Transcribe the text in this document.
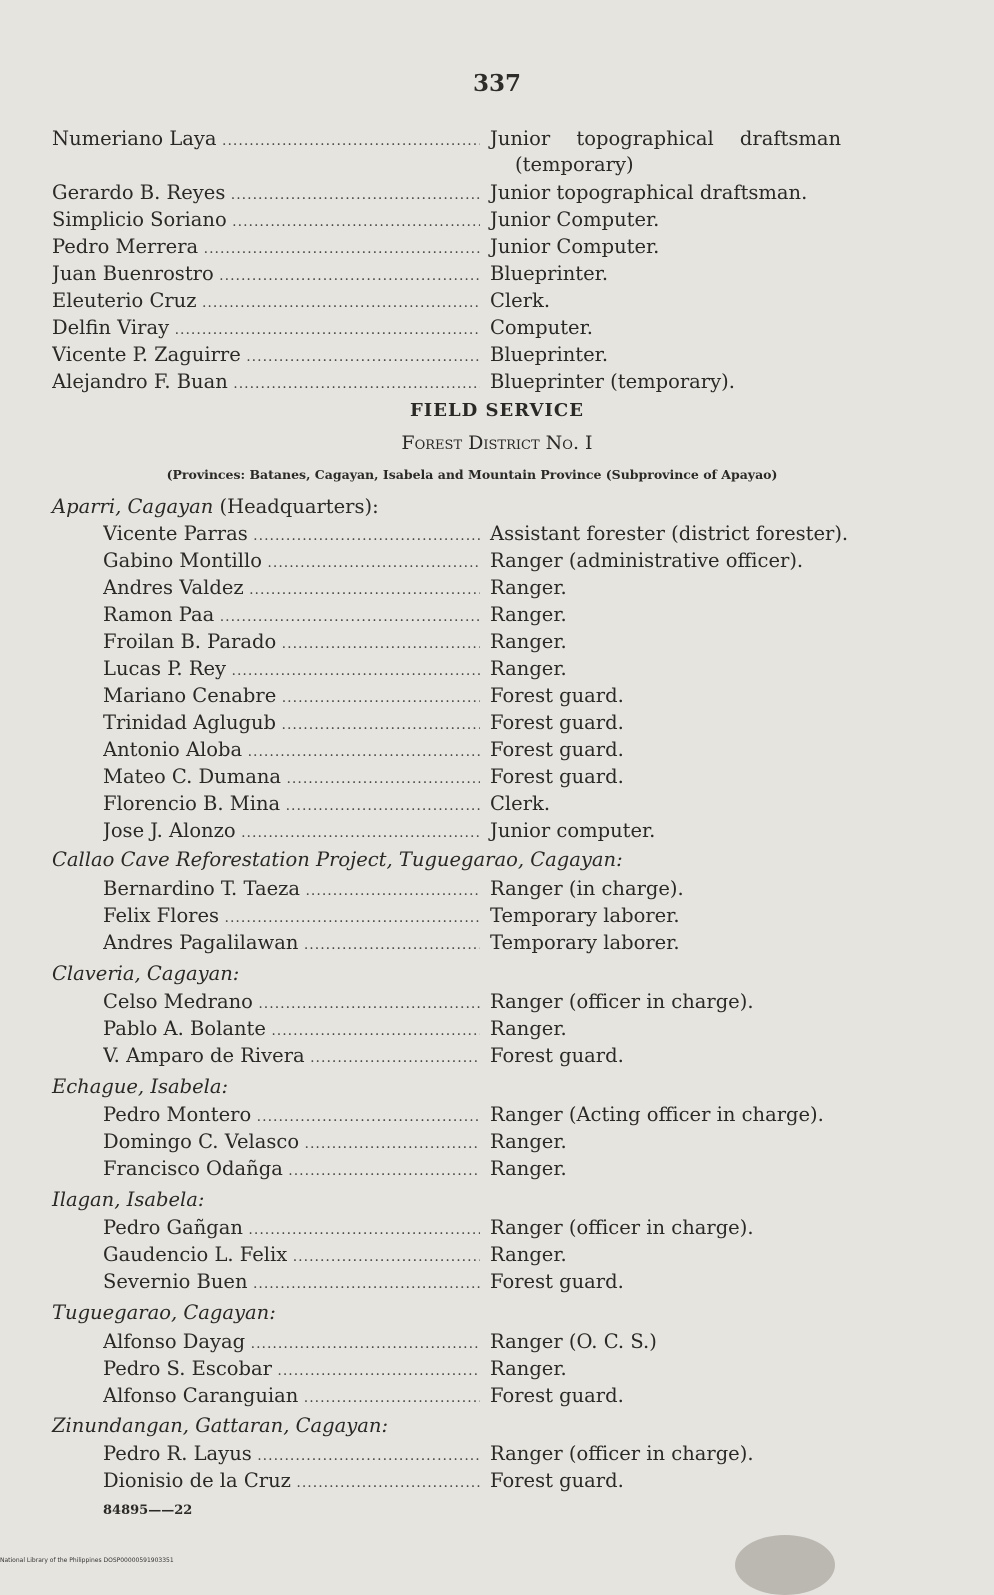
337
Numeriano Laya .....	Junior topographical draftsman
(temporary)
Gerardo B. Reyes .....	Junior topographical draftsman.
Simplicio Soriano .....	Junior Computer.
Pedro Merrera .....	Junior Computer.
Juan Buenrostro .....	Blueprinter.
Eleuterio Cruz .....	Clerk.
Delfin Viray .....	Computer.
Vicente P. Zaguirre .....	Blueprinter.
Alejandro F. Buan .....	Blueprinter (temporary).
FIELD SERVICE
Forest District No. I
(Provinces: Batanes, Cagayan, Isabela and Mountain Province (Subprovince of Apayao)
Aparri, Cagayan (Headquarters):
Vicente Parras .....	Assistant forester (district forester).
Gabino Montillo .....	Ranger (administrative officer).
Andres Valdez .....	Ranger.
Ramon Paa .....	Ranger.
Froilan B. Parado .....	Ranger.
Lucas P. Rey .....	Ranger.
Mariano Cenabre .....	Forest guard.
Trinidad Aglugub .....	Forest guard.
Antonio Aloba .....	Forest guard.
Mateo C. Dumana .....	Forest guard.
Florencio B. Mina .....	Clerk.
Jose J. Alonzo .....	Junior computer.
Callao Cave Reforestation Project, Tuguegarao, Cagayan:
Bernardino T. Taeza .....	Ranger (in charge).
Felix Flores .....	Temporary laborer.
Andres Pagalilawan .....	Temporary laborer.
Claveria, Cagayan:
Celso Medrano .....	Ranger (officer in charge).
Pablo A. Bolante .....	Ranger.
V. Amparo de Rivera .....	Forest guard.
Echague, Isabela:
Pedro Montero .....	Ranger (Acting officer in charge).
Domingo C. Velasco .....	Ranger.
Francisco Odañga .....	Ranger.
Ilagan, Isabela:
Pedro Gañgan .....	Ranger (officer in charge).
Gaudencio L. Felix .....	Ranger.
Severnio Buen .....	Forest guard.
Tuguegarao, Cagayan:
Alfonso Dayag .....	Ranger (O. C. S.)
Pedro S. Escobar .....	Ranger.
Alfonso Caranguian .....	Forest guard.
Zinundangan, Gattaran, Cagayan:
Pedro R. Layus .....	Ranger (officer in charge).
Dionisio de la Cruz .....	Forest guard.
84895——22
National Library of the Philippines DOSP00000591903351
